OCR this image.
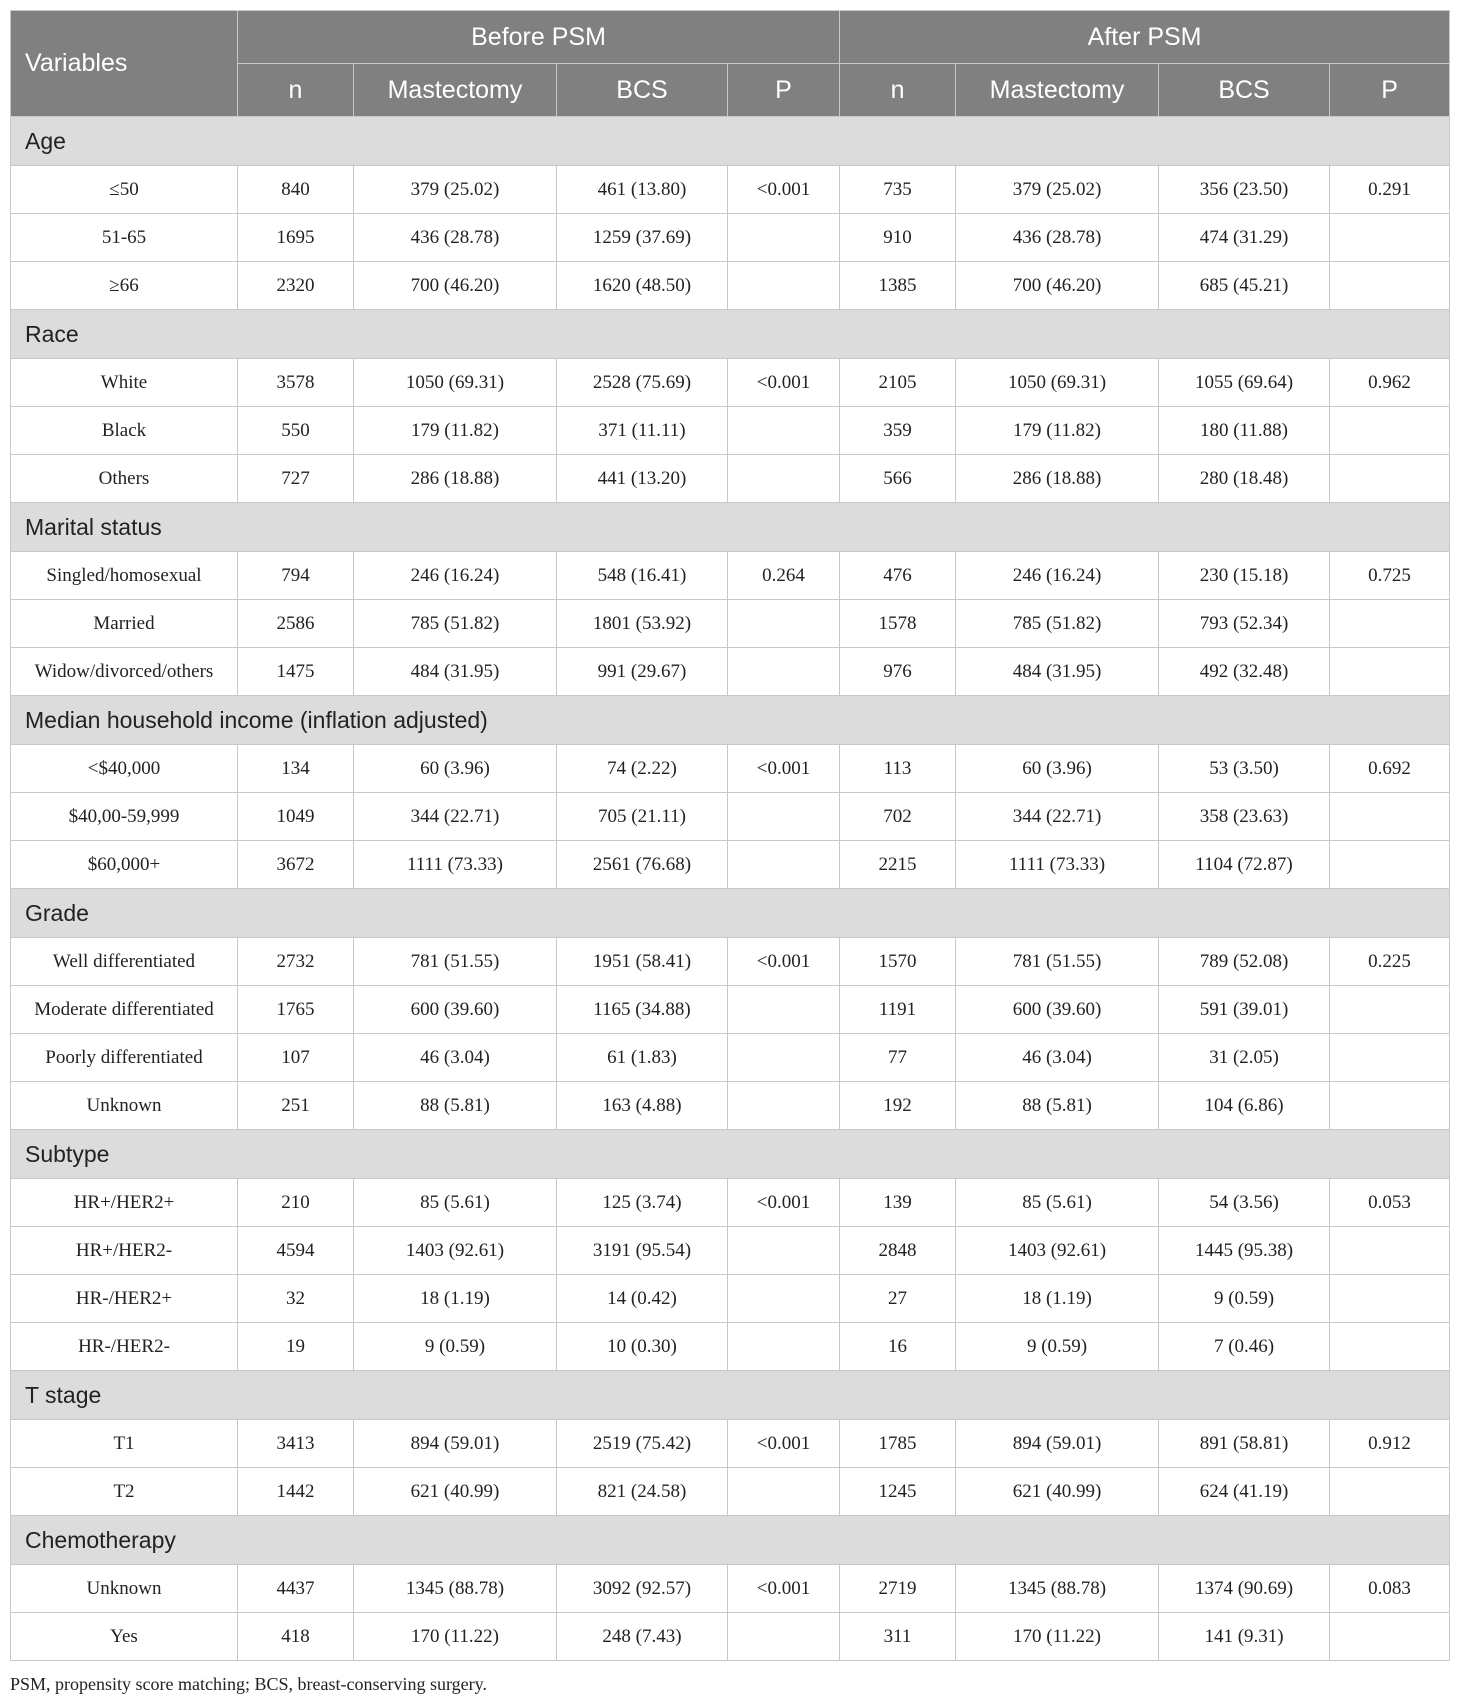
Variables	Before PSM				After PSM			
	n	Mastectomy	BCS	P	n	Mastectomy	BCS	P
Age								
≤50	840	379 (25.02)	461 (13.80)	<0.001	735	379 (25.02)	356 (23.50)	0.291
51-65	1695	436 (28.78)	1259 (37.69)		910	436 (28.78)	474 (31.29)	
≥66	2320	700 (46.20)	1620 (48.50)		1385	700 (46.20)	685 (45.21)	
Race								
White	3578	1050 (69.31)	2528 (75.69)	<0.001	2105	1050 (69.31)	1055 (69.64)	0.962
Black	550	179 (11.82)	371 (11.11)		359	179 (11.82)	180 (11.88)	
Others	727	286 (18.88)	441 (13.20)		566	286 (18.88)	280 (18.48)	
Marital status								
Singled/homosexual	794	246 (16.24)	548 (16.41)	0.264	476	246 (16.24)	230 (15.18)	0.725
Married	2586	785 (51.82)	1801 (53.92)		1578	785 (51.82)	793 (52.34)	
Widow/divorced/others	1475	484 (31.95)	991 (29.67)		976	484 (31.95)	492 (32.48)	
Median household income (inflation adjusted)								
<$40,000	134	60 (3.96)	74 (2.22)	<0.001	113	60 (3.96)	53 (3.50)	0.692
$40,00-59,999	1049	344 (22.71)	705 (21.11)		702	344 (22.71)	358 (23.63)	
$60,000+	3672	1111 (73.33)	2561 (76.68)		2215	1111 (73.33)	1104 (72.87)	
Grade								
Well differentiated	2732	781 (51.55)	1951 (58.41)	<0.001	1570	781 (51.55)	789 (52.08)	0.225
Moderate differentiated	1765	600 (39.60)	1165 (34.88)		1191	600 (39.60)	591 (39.01)	
Poorly differentiated	107	46 (3.04)	61 (1.83)		77	46 (3.04)	31 (2.05)	
Unknown	251	88 (5.81)	163 (4.88)		192	88 (5.81)	104 (6.86)	
Subtype								
HR+/HER2+	210	85 (5.61)	125 (3.74)	<0.001	139	85 (5.61)	54 (3.56)	0.053
HR+/HER2-	4594	1403 (92.61)	3191 (95.54)		2848	1403 (92.61)	1445 (95.38)	
HR-/HER2+	32	18 (1.19)	14 (0.42)		27	18 (1.19)	9 (0.59)	
HR-/HER2-	19	9 (0.59)	10 (0.30)		16	9 (0.59)	7 (0.46)	
T stage								
T1	3413	894 (59.01)	2519 (75.42)	<0.001	1785	894 (59.01)	891 (58.81)	0.912
T2	1442	621 (40.99)	821 (24.58)		1245	621 (40.99)	624 (41.19)	
Chemotherapy								
Unknown	4437	1345 (88.78)	3092 (92.57)	<0.001	2719	1345 (88.78)	1374 (90.69)	0.083
Yes	418	170 (11.22)	248 (7.43)		311	170 (11.22)	141 (9.31)	
PSM, propensity score matching; BCS, breast-conserving surgery.
